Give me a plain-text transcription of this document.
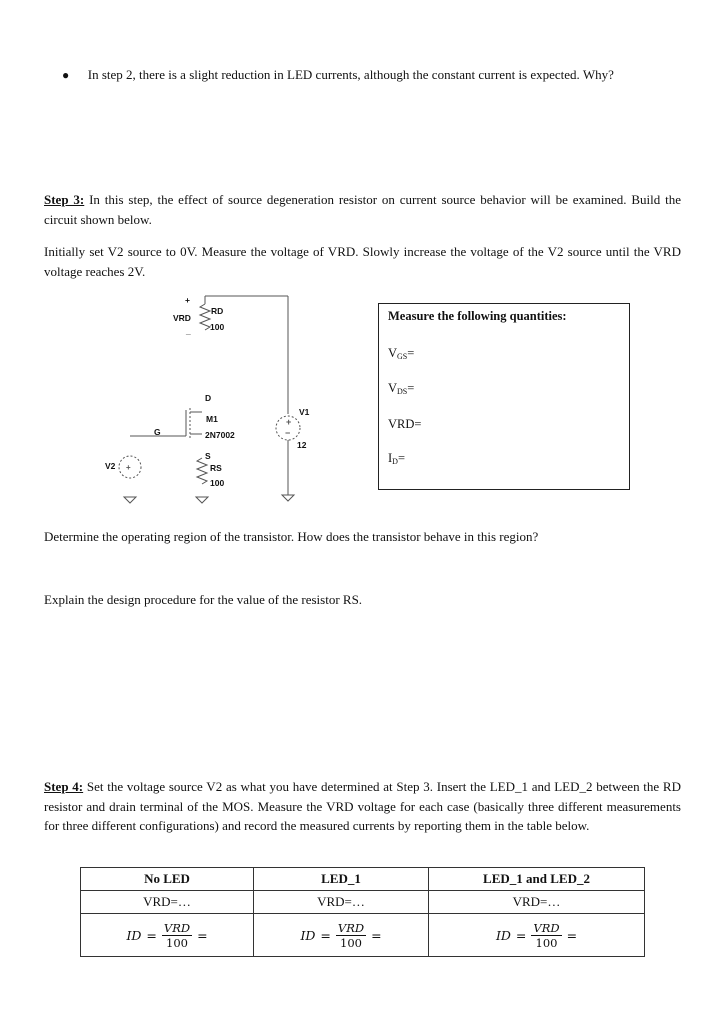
● In step 2, there is a slight reduction in LED currents, although the constant current is expected. Why?
Step 3: In this step, the effect of source degeneration resistor on current source behavior will be examined. Build the circuit shown below.
Initially set V2 source to 0V. Measure the voltage of VRD. Slowly increase the voltage of the V2 source until the VRD voltage reaches 2V.
+
−
+
+
VRD
_
RD
100
D
M1
G	2N7002
S
RS
100
V1
12
V2
Measure the following quantities:
$V_{GS}=$
$V_{DS}=$
VRD=
$I_D=$
Determine the operating region of the transistor. How does the transistor behave in this region?
Explain the design procedure for the value of the resistor RS.
Step 4: Set the voltage source V2 as what you have determined at Step 3. Insert the LED_1 and LED_2 between the RD resistor and drain terminal of the MOS. Measure the VRD voltage for each case (basically three different measurements for three different configurations) and record the measured currents by reporting them in the table below.
No LED	LED_1	LED_1 and LED_2
VRD=…	VRD=…	VRD=…

ID = $\frac{\text{VRD}}{100}$ =	ID = $\frac{\text{VRD}}{100}$ =	ID = $\frac{\text{VRD}}{100}$ =
